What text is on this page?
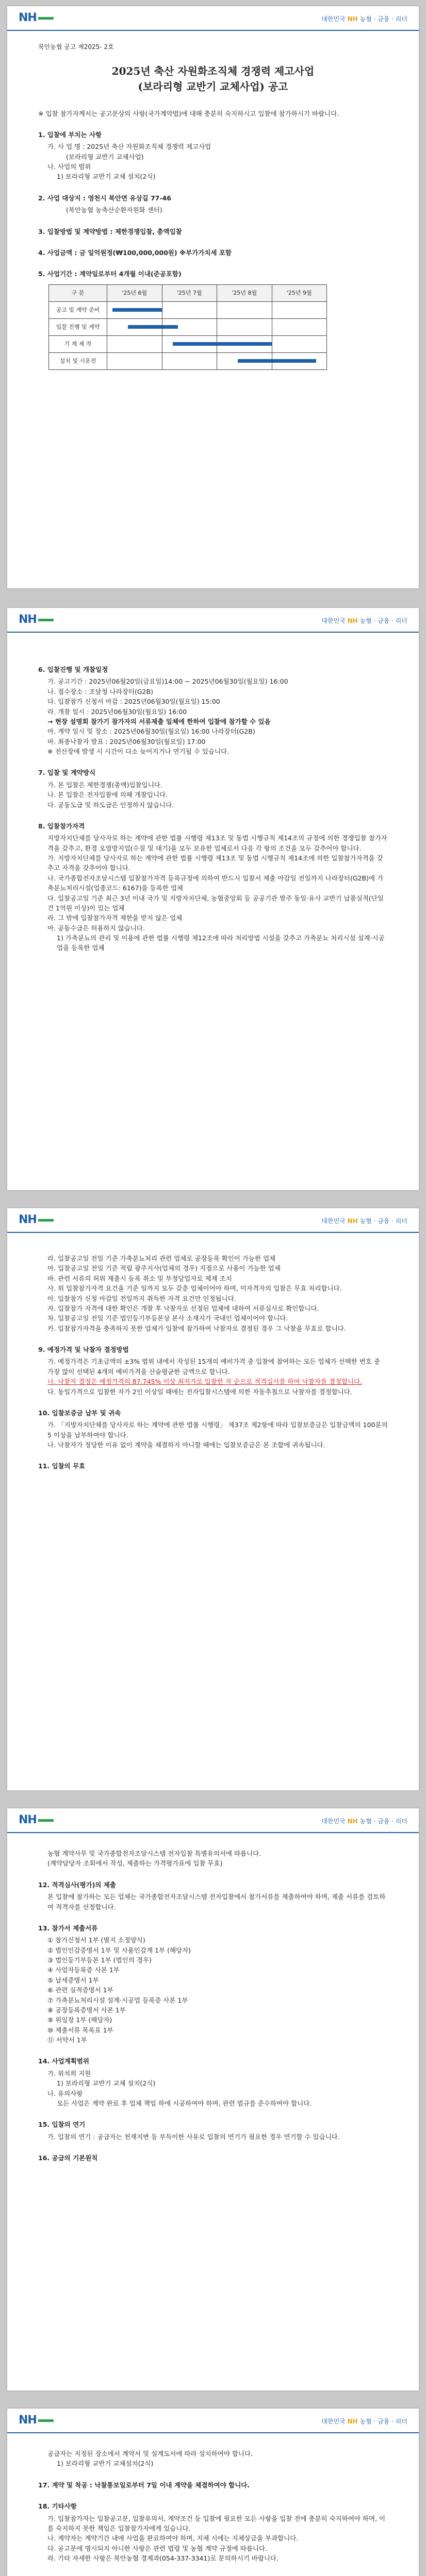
NH	대한민국 NH 농협 · 금융 · 리더
북안농협 공고 제2025- 2호
2025년 축산 자원화조직체 경쟁력 제고사업
(보라리형 교반기 교체사업) 공고
※ 입찰 참가자께서는 공고문상의 사항(국가계약법)에 대해 충분히 숙지하시고 입찰에 참가하시기 바랍니다.
1. 입찰에 부치는 사항
가. 사 업 명 : 2025년 축산 자원화조직체 경쟁력 제고사업
(보라리형 교반기 교체사업)
나. 사업의 범위
1) 보라리형 교반기 교체 설치(2식)
2. 사업 대상지 : 영천시 북안면 유상길 77-46
(북안농협 농축산순환자원화 센터)
3. 입찰방법 및 계약방법 : 제한경쟁입찰, 총액입찰
4. 사업금액 : 금 일억원정(₩100,000,000원) ※부가가치세 포함
5. 사업기간 : 계약일로부터 4개월 이내(준공포함)
구 분	'25년 6월	'25년 7월	'25년 8월	'25년 9월
공고 및 계약 준비	

입찰 진행 및 계약	

기 계 제 작		

설치 및 시운전			

NH	대한민국 NH 농협 · 금융 · 리더
6. 입찰진행 및 개찰일정
가. 공고기간 : 2025년06월20일(금요일)14:00 ~ 2025년06월30일(월요일) 16:00
나. 접수장소 : 조달청 나라장터(G2B)
다. 입찰참가 신청서 마감 : 2025년06월30일(월요일) 15:00
라. 개찰 일시 : 2025년06월30일(월요일) 16:00
→ 현장 설명회 참가기 참가자의 서류제출 일체에 한하여 입찰에 참가할 수 있음
마. 계약 일시 및 장소 : 2025년06월30일(월요일) 16:00 나라장터(G2B)
바. 최종낙찰자 발표 : 2025년06월30일(월요일) 17:00
※ 전산장애 발생 시 시간이 다소 늦어지거나 연기될 수 있습니다.
7. 입찰 및 계약방식
가. 본 입찰은 제한경쟁(총액)입찰입니다.
나. 본 입찰은 전자입찰에 의해 개찰입니다.
다. 공동도급 및 하도급은 인정하지 않습니다.
8. 입찰참가자격
지방자치단체를 당사자로 하는 계약에 관한 법률 시행령 제13조 및 동법 시행규칙 제14조의 규정에 의한 경쟁입찰 참가자격을 갖추고, 환경 오염방지업(수질 및 대기)을 모두 보유한 업체로서 다음 각 항의 조건을 모두 갖추어야 합니다.
가. 지방자치단체를 당사자로 하는 계약에 관한 법률 시행령 제13조 및 동법 시행규칙 제14조에 의한 입찰참가자격을 갖추고 자격을 갖추어야 합니다.
나. 국가종합전자조달시스템 입찰참가자격 등록규정에 의하여 반드시 입찰서 제출 마감일 전일까지 나라장터(G2B)에 가축분뇨처리시설(업종코드: 6167)을 등록한 업체
다. 입찰공고일 기준 최근 3년 이내 국가 및 지방자치단체, 농협중앙회 등 공공기관 발주 동일·유사 교반기 납품실적(단일건 1억원 이상)이 있는 업체
라. 그 밖에 입찰참가자격 제한을 받지 않은 업체
마. 공동수급은 허용하지 않습니다.
1) 가축분뇨의 관리 및 이용에 관한 법률 시행령 제12조에 따라 처리방법 시설을 갖추고 가축분뇨 처리시설 설계·시공업을 등록한 업체
NH	대한민국 NH 농협 · 금융 · 리더
라. 입찰공고일 전일 기준 가축분뇨처리 관련 업체로 공장등록 확인이 가능한 업체
마. 입찰공고일 전일 기준 적립 광주지사(업체의 경우) 지점으로 사용이 가능한 업체
바. 관련 서류의 허위 제출시 등록 취소 및 부정당업자로 제재 조치
사. 위 입찰참가자격 요건을 기준 일까지 모두 갖춘 업체이어야 하며, 미자격자의 입찰은 무효 처리합니다.
아. 입찰참가 신청 마감일 전일까지 취득한 자격 요건만 인정됩니다.
자. 입찰참가 자격에 대한 확인은 개찰 후 낙찰자로 선정된 업체에 대하여 서류심사로 확인합니다.
차. 입찰공고일 전일 기준 법인등기부등본상 본사 소재지가 국내인 업체이어야 합니다.
카. 입찰참가자격을 충족하지 못한 업체가 입찰에 참가하여 낙찰자로 결정된 경우 그 낙찰을 무효로 합니다.
9. 예정가격 및 낙찰자 결정방법
가. 예정가격은 기초금액의 ±3% 범위 내에서 작성된 15개의 예비가격 중 입찰에 참여하는 모든 업체가 선택한 번호 중 가장 많이 선택된 4개의 예비가격을 산술평균한 금액으로 합니다.
나. 낙찰자 결정은 예정가격의 87.745% 이상 최저가로 입찰한 자 순으로 적격심사를 하여 낙찰자를 결정합니다.
다. 동일가격으로 입찰한 자가 2인 이상일 때에는 전자입찰시스템에 의한 자동추첨으로 낙찰자를 결정합니다.
10. 입찰보증금 납부 및 귀속
가. 「지방자치단체를 당사자로 하는 계약에 관한 법률 시행령」 제37조 제2항에 따라 입찰보증금은 입찰금액의 100분의 5 이상을 납부하여야 합니다.
나. 낙찰자가 정당한 이유 없이 계약을 체결하지 아니할 때에는 입찰보증금은 본 조합에 귀속됩니다.
11. 입찰의 무효
NH	대한민국 NH 농협 · 금융 · 리더
농협 계약사무 및 국가종합전자조달시스템 전자입찰 특별유의서에 따릅니다.
(계약담당자 조회에서 작성, 제출하는 가격평가표에 입찰 무효)
12. 적격심사(평가)의 제출
본 입찰에 참가하는 모든 업체는 국가종합전자조달시스템 전자입찰에서 참가서류를 제출하여야 하며, 제출 서류를 검토하여 적격자를 선정합니다.
13. 참가서 제출서류
① 참가신청서 1부 (별지 소정양식)
② 법인인감증명서 1부 및 사용인감계 1부 (해당자)
③ 법인등기부등본 1부 (법인의 경우)
④ 사업자등록증 사본 1부
⑤ 납세증명서 1부
⑥ 관련 실적증명서 1부
⑦ 가축분뇨처리시설 설계·시공업 등록증 사본 1부
⑧ 공장등록증명서 사본 1부
⑨ 위임장 1부 (해당자)
⑩ 제출서류 목록표 1부
⑪ 서약서 1부
14. 사업계획범위
가. 위치희 지원
1) 보라리형 교반기 교체 설치(2식)
나. 유의사항
모든 사업은 계약 완료 후 업체 책임 하에 시공하여야 하며, 관련 법규를 준수하여야 합니다.
15. 입찰의 연기
가. 입찰의 연기 : 공급자는 천재지변 등 부득이한 사유로 입찰의 연기가 필요한 경우 연기할 수 있습니다.
16. 공급의 기본원칙
NH	대한민국 NH 농협 · 금융 · 리더
공급자는 지정된 장소에서 계약서 및 설계도서에 따라 설치하여야 합니다.
1) 보라리형 교반기 교체설치(2식)
17. 계약 및 착공 : 낙찰통보일로부터 7일 이내 계약을 체결하여야 합니다.
18. 기타사항
가. 입찰참가자는 입찰공고문, 입찰유의서, 계약조건 등 입찰에 필요한 모든 사항을 입찰 전에 충분히 숙지하여야 하며, 이를 숙지하지 못한 책임은 입찰참가자에게 있습니다.
나. 계약자는 계약기간 내에 사업을 완료하여야 하며, 지체 시에는 지체상금을 부과합니다.
다. 공고문에 명시되지 아니한 사항은 관련 법령 및 농협 계약 규정에 따릅니다.
라. 기타 자세한 사항은 북안농협 경제과(054-337-3341)로 문의하시기 바랍니다.
